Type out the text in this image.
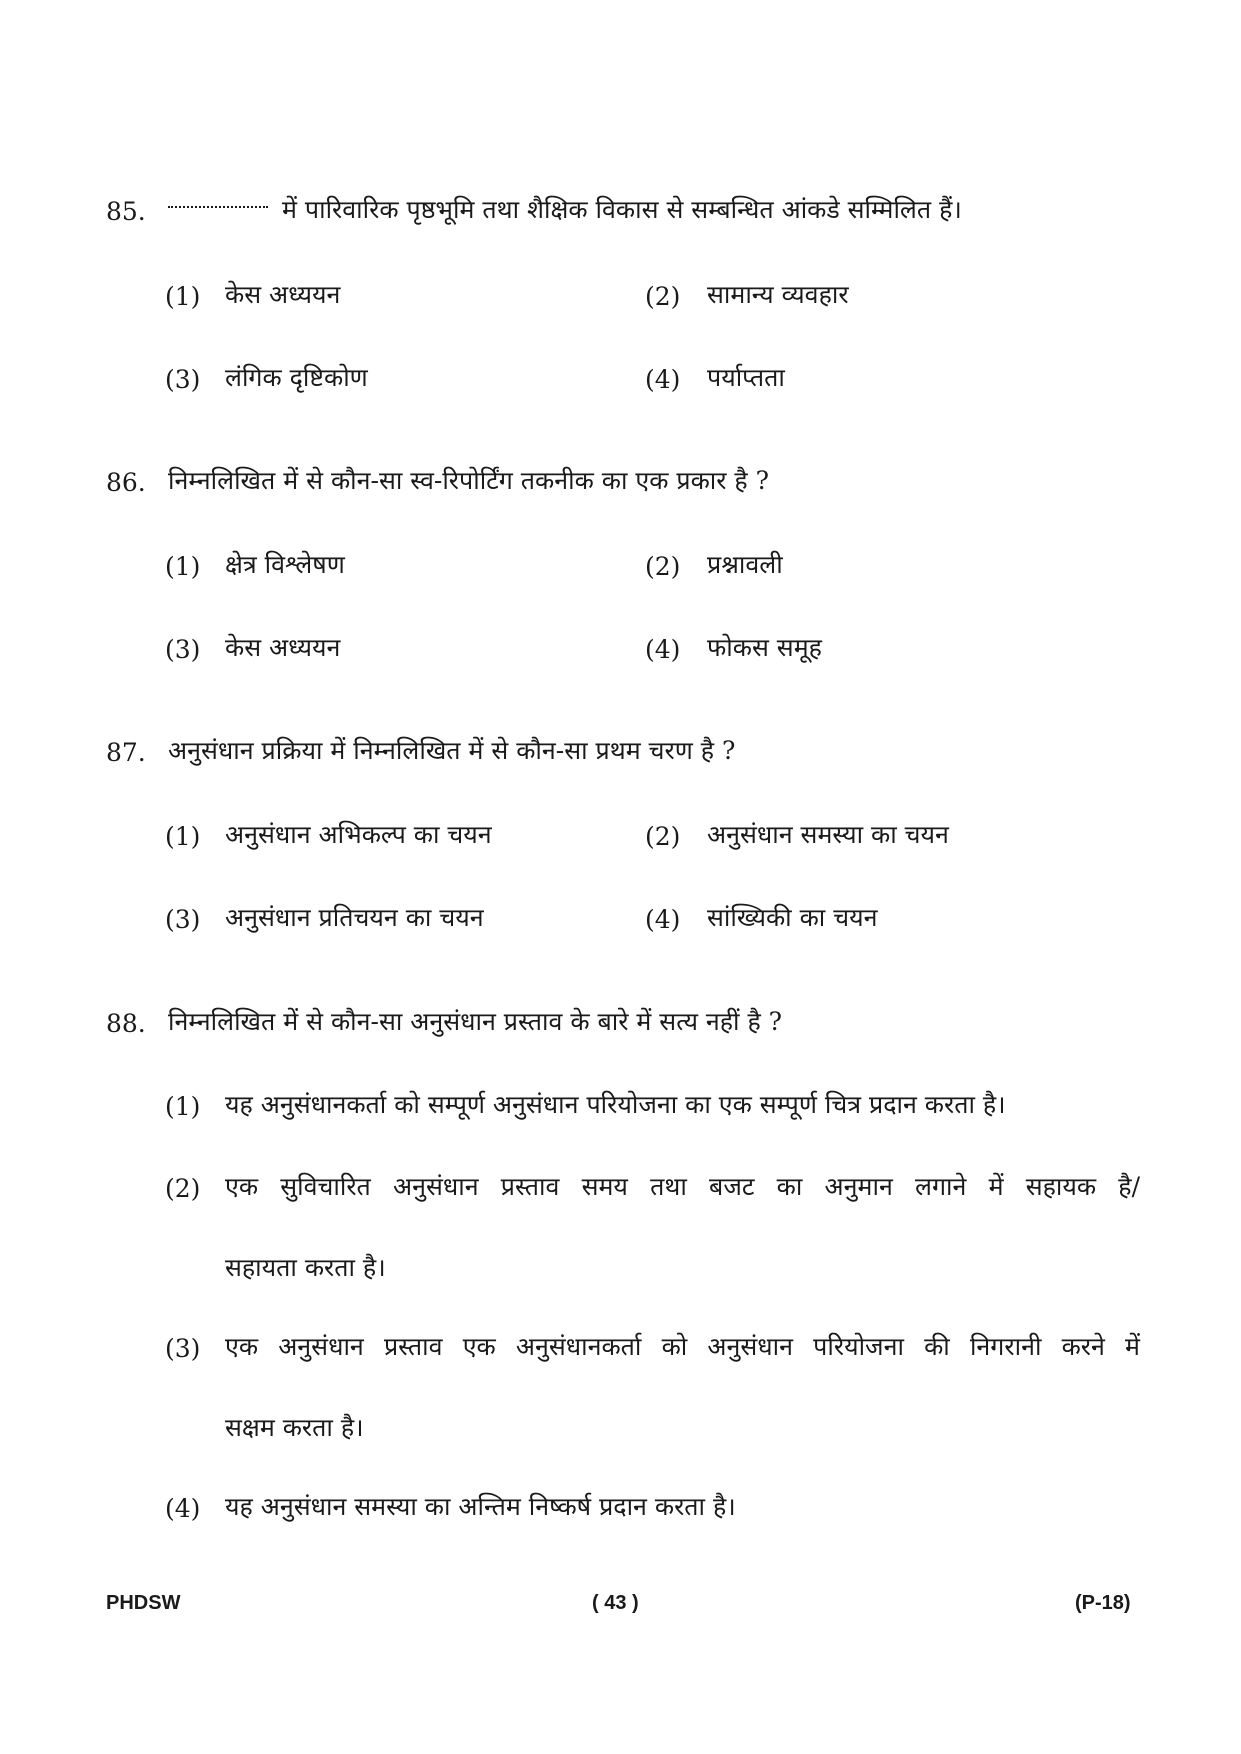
85.	में पारिवारिक पृष्ठभूमि तथा शैक्षिक विकास से सम्बन्धित आंकडे सम्मिलित हैं।
(1) केस अध्ययन	(2) सामान्य व्यवहार
(3) लंगिक दृष्टिकोण	(4) पर्याप्तता
86. निम्नलिखित में से कौन-सा स्व-रिपोर्टिंग तकनीक का एक प्रकार है ?
(1) क्षेत्र विश्लेषण	(2) प्रश्नावली
(3) केस अध्ययन	(4) फोकस समूह
87. अनुसंधान प्रक्रिया में निम्नलिखित में से कौन-सा प्रथम चरण है ?
(1) अनुसंधान अभिकल्प का चयन	(2) अनुसंधान समस्या का चयन
(3) अनुसंधान प्रतिचयन का चयन	(4) सांख्यिकी का चयन
88. निम्नलिखित में से कौन-सा अनुसंधान प्रस्ताव के बारे में सत्य नहीं है ?
(1) यह अनुसंधानकर्ता को सम्पूर्ण अनुसंधान परियोजना का एक सम्पूर्ण चित्र प्रदान करता है।
(2) एक सुविचारित अनुसंधान प्रस्ताव समय तथा बजट का अनुमान लगाने में सहायक है/
सहायता करता है।
(3) एक अनुसंधान प्रस्ताव एक अनुसंधानकर्ता को अनुसंधान परियोजना की निगरानी करने में
सक्षम करता है।
(4) यह अनुसंधान समस्या का अन्तिम निष्कर्ष प्रदान करता है।
PHDSW	( 43 )	(P-18)
